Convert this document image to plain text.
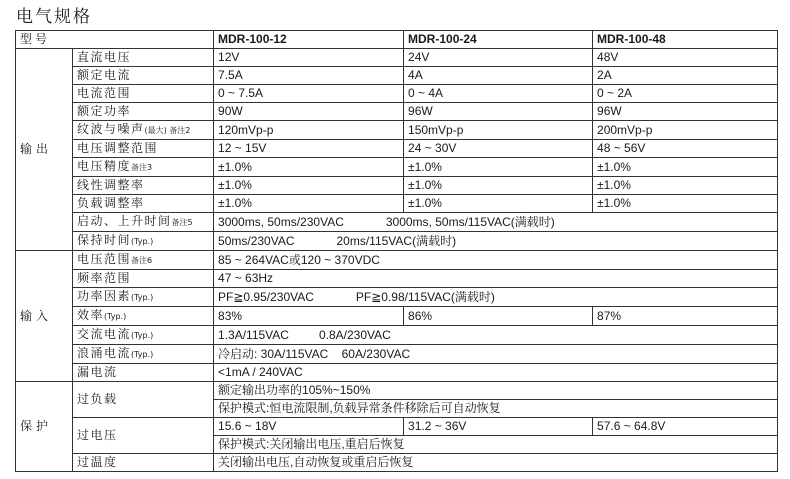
电气规格
型号		MDR-100-12	MDR-100-24	MDR-100-48
输出	直流电压	12V	24V	48V
	额定电流	7.5A	4A	2A
	电流范围	0 ~ 7.5A	0 ~ 4A	0 ~ 2A
	额定功率	90W	96W	96W
	纹波与噪声(最大) 备注2	120mVp-p	150mVp-p	200mVp-p
	电压调整范围	12 ~ 15V	24 ~ 30V	48 ~ 56V
	电压精度备注3	±1.0%	±1.0%	±1.0%
	线性调整率	±1.0%	±1.0%	±1.0%
	负载调整率	±1.0%	±1.0%	±1.0%
	启动、上升时间备注5	3000ms, 50ms/230VAC 3000ms, 50ms/115VAC(满载时)		
	保持时间(Typ.)	50ms/230VAC 20ms/115VAC(满载时)		
输入	电压范围备注6	85 ~ 264VAC或120 ~ 370VDC		
	频率范围	47 ~ 63Hz		
	功率因素(Typ.)	PF≧0.95/230VAC PF≧0.98/115VAC(满载时)		
	效率(Typ.)	83%	86%	87%
	交流电流(Typ.)	1.3A/115VAC 0.8A/230VAC		
	浪涌电流(Typ.)	冷启动: 30A/115VAC    60A/230VAC		
	漏电流	<1mA / 240VAC		
保护	过负载	额定输出功率的105%~150%		
		保护模式:恒电流限制,负载异常条件移除后可自动恢复		
	过电压	15.6 ~ 18V	31.2 ~ 36V	57.6 ~ 64.8V
		保护模式:关闭输出电压,重启后恢复		
	过温度	关闭输出电压,自动恢复或重启后恢复		
